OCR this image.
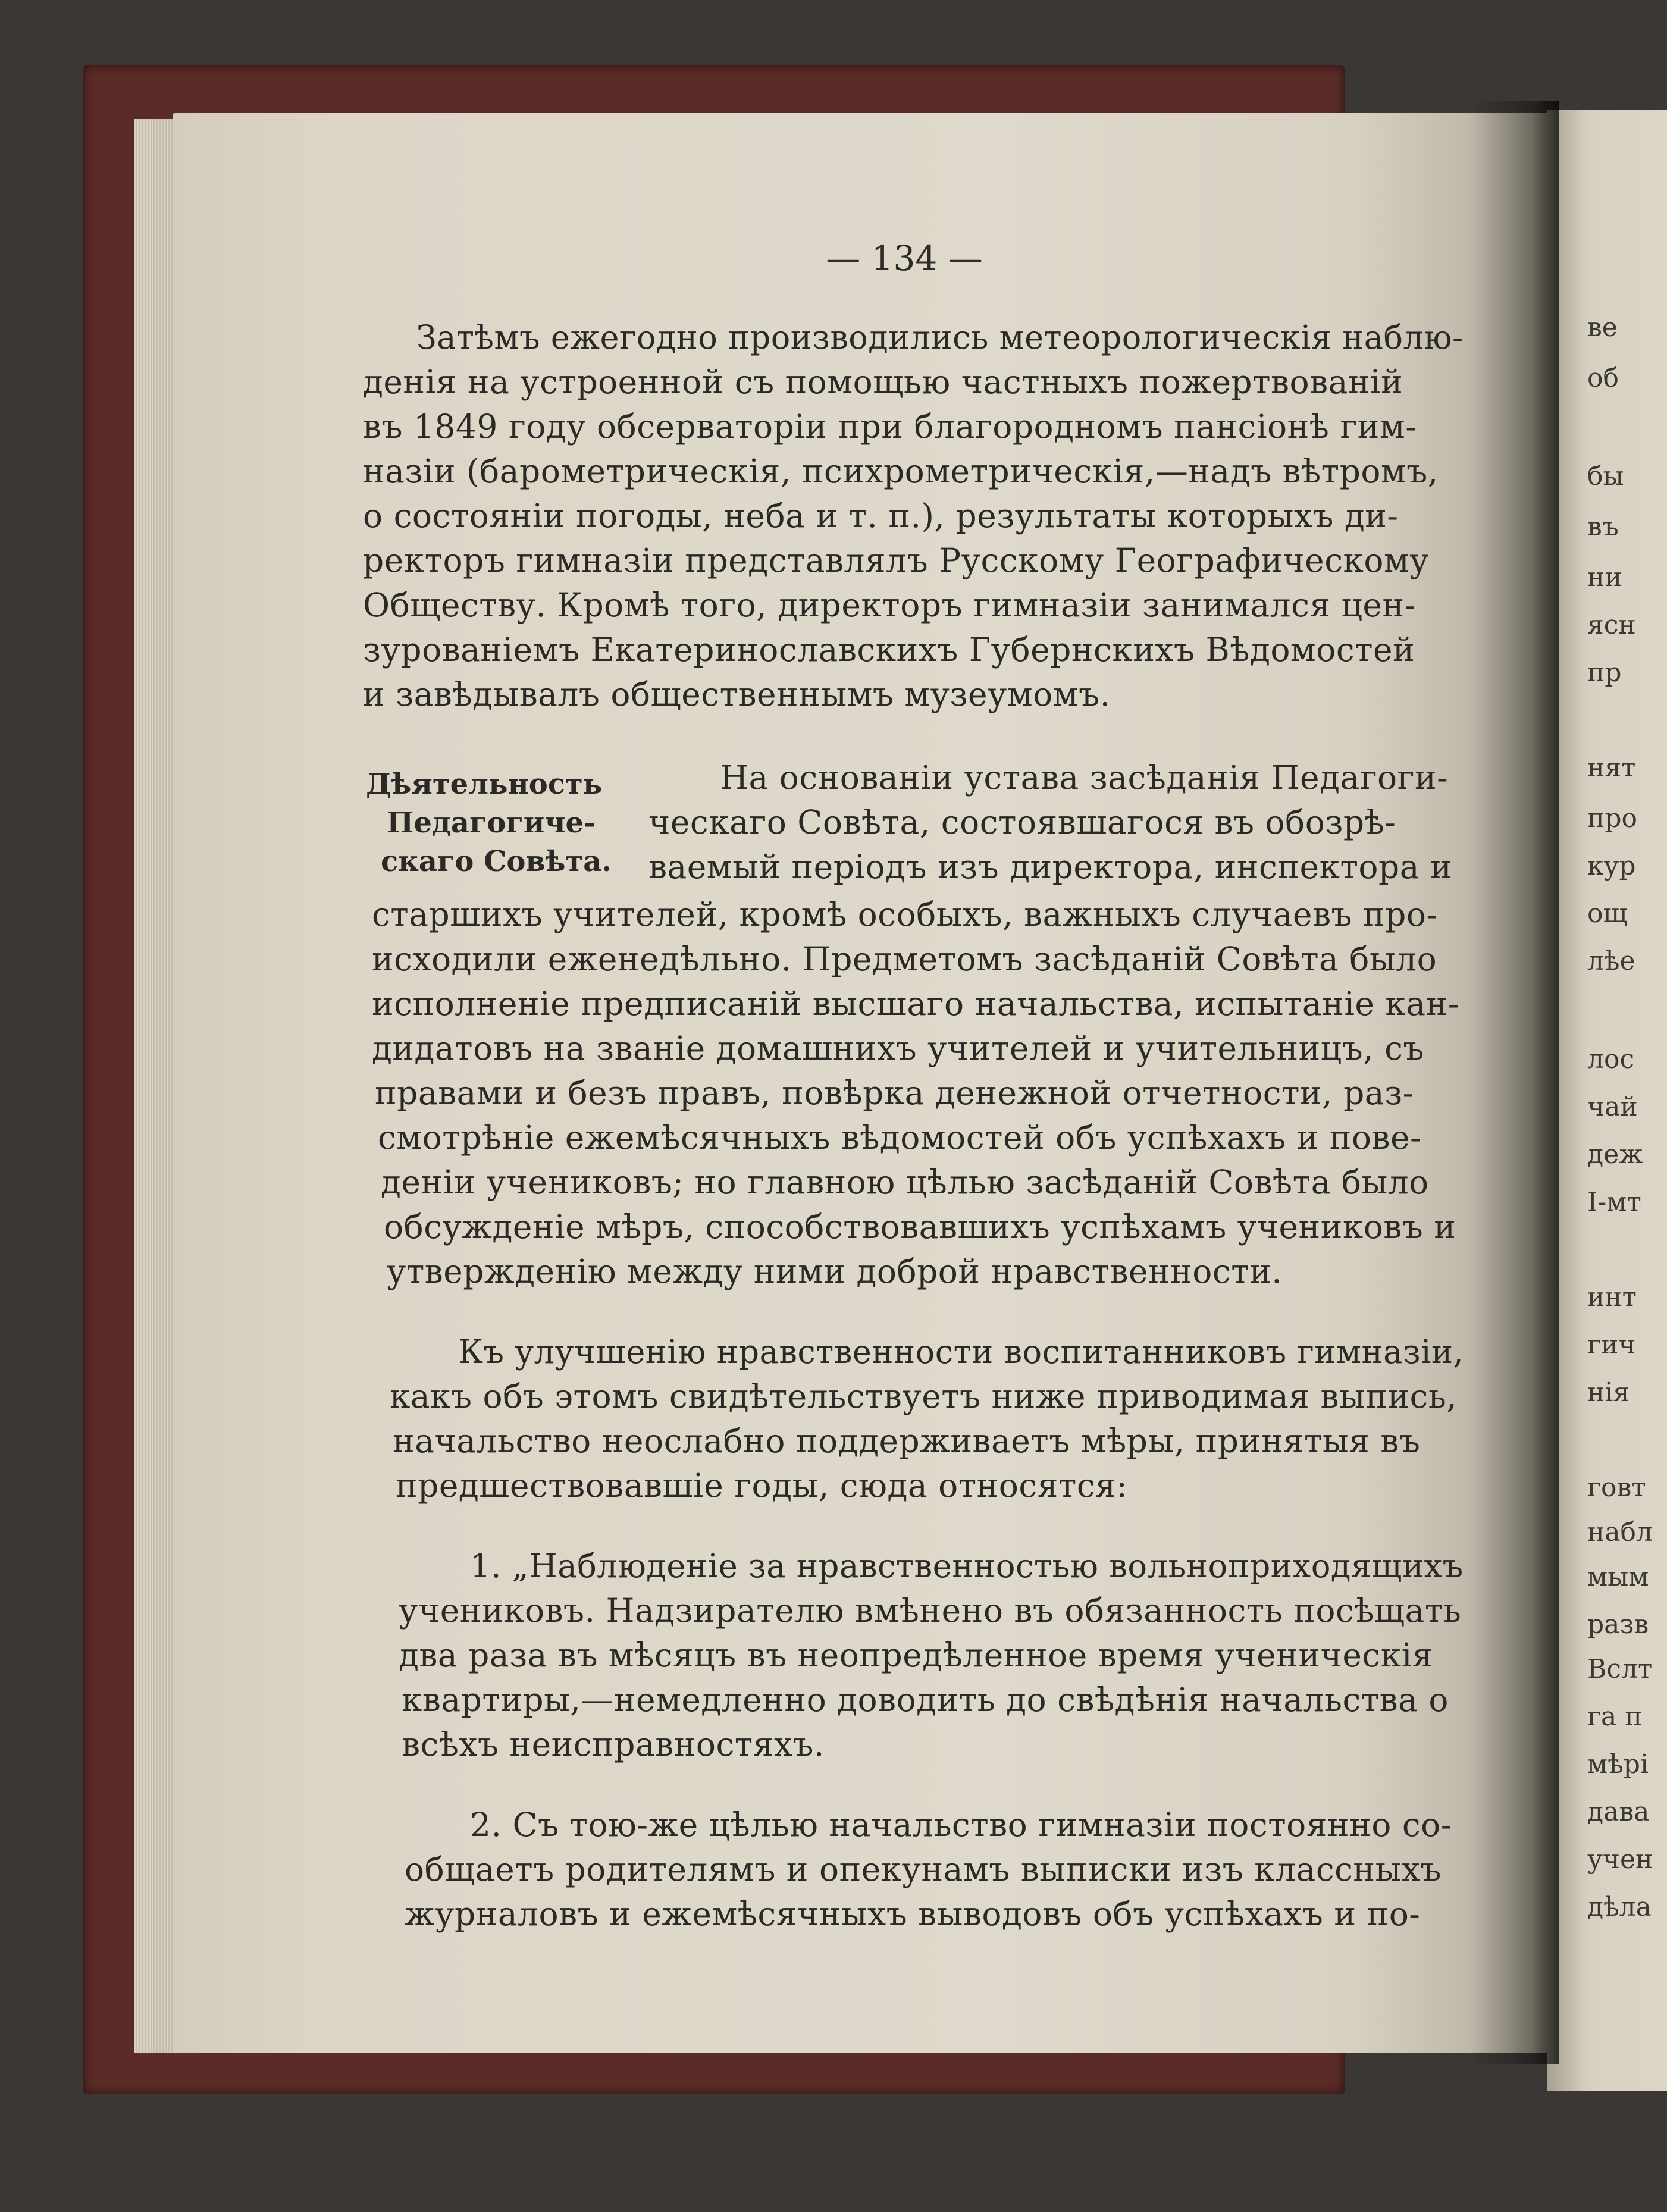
— 134 —
Затѣмъ ежегодно производились метеорологическія наблю-
денія на устроенной съ помощью частныхъ пожертвованій
въ 1849 году обсерваторіи при благородномъ пансіонѣ гим-
назіи (барометрическія, психрометрическія,—надъ вѣтромъ,
о состояніи погоды, неба и т. п.), результаты которыхъ ди-
ректоръ гимназіи представлялъ Русскому Географическому
Обществу. Кромѣ того, директоръ гимназіи занимался цен-
зурованіемъ Екатеринославскихъ Губернскихъ Вѣдомостей
и завѣдывалъ общественнымъ музеумомъ.
На основаніи устава засѣданія Педагоги-
ческаго Совѣта, состоявшагося въ обозрѣ-
ваемый періодъ изъ директора, инспектора и
старшихъ учителей, кромѣ особыхъ, важныхъ случаевъ про-
исходили еженедѣльно. Предметомъ засѣданій Совѣта было
исполненіе предписаній высшаго начальства, испытаніе кан-
дидатовъ на званіе домашнихъ учителей и учительницъ, съ
правами и безъ правъ, повѣрка денежной отчетности, раз-
смотрѣніе ежемѣсячныхъ вѣдомостей объ успѣхахъ и пове-
деніи учениковъ; но главною цѣлью засѣданій Совѣта было
обсужденіе мѣръ, способствовавшихъ успѣхамъ учениковъ и
утвержденію между ними доброй нравственности.
Къ улучшенію нравственности воспитанниковъ гимназіи,
какъ объ этомъ свидѣтельствуетъ ниже приводимая выпись,
начальство неослабно поддерживаетъ мѣры, принятыя въ
предшествовавшіе годы, сюда относятся:
1. „Наблюденіе за нравственностью вольноприходящихъ
учениковъ. Надзирателю вмѣнено въ обязанность посѣщать
два раза въ мѣсяцъ въ неопредѣленное время ученическія
квартиры,—немедленно доводить до свѣдѣнія начальства о
всѣхъ неисправностяхъ.
2. Съ тою-же цѣлью начальство гимназіи постоянно со-
общаетъ родителямъ и опекунамъ выписки изъ классныхъ
журналовъ и ежемѣсячныхъ выводовъ объ успѣхахъ и по-
Дѣятельность
Педагогиче-
скаго Совѣта.
ве
об
бы
въ
ни
ясн
пр
нят
про
кур
ощ
лѣе
лос
чай
деж
I-мт
инт
гич
нія
говт
набл
мым
разв
Вслт
га п
мѣрі
дава
учен
дѣла
